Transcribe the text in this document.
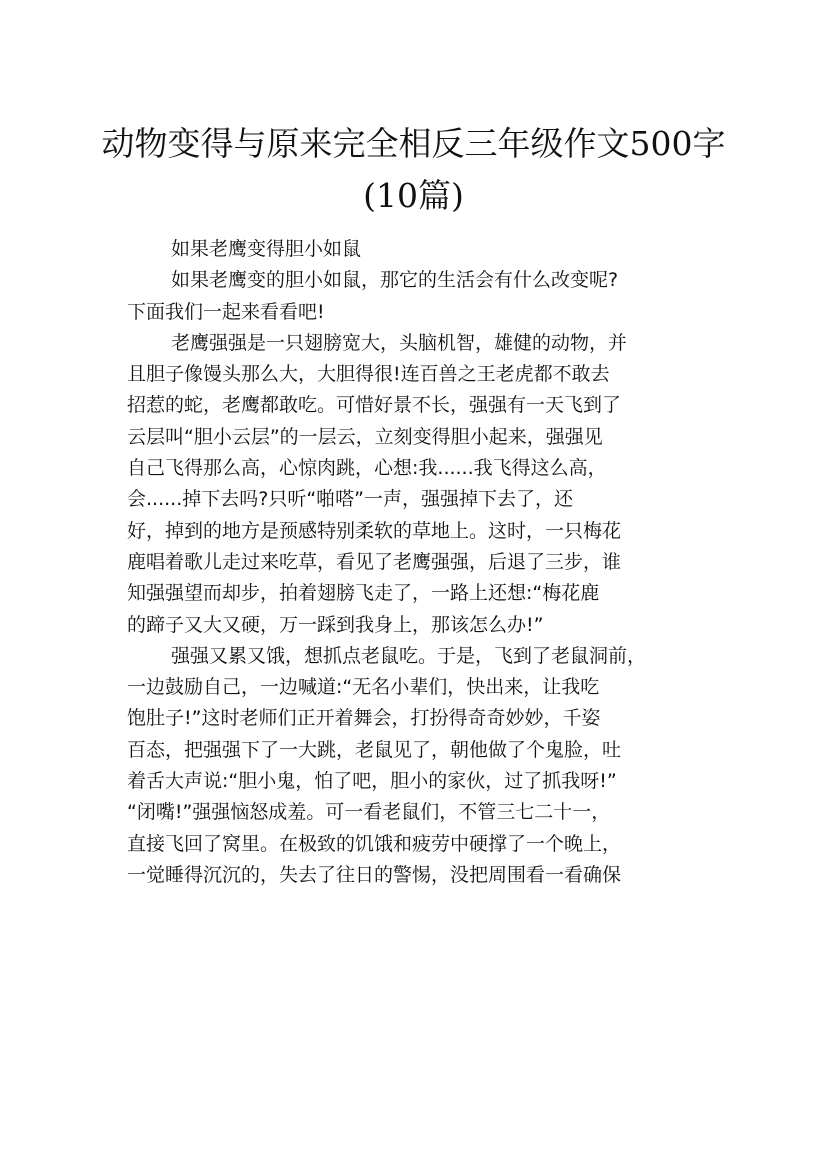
动物变得与原来完全相反三年级作文500字
(10篇)
如果老鹰变得胆小如鼠
如果老鹰变的胆小如鼠，那它的生活会有什么改变呢?
下面我们一起来看看吧!
老鹰强强是一只翅膀宽大，头脑机智，雄健的动物，并
且胆子像馒头那么大，大胆得很!连百兽之王老虎都不敢去
招惹的蛇，老鹰都敢吃。可惜好景不长，强强有一天飞到了
云层叫“胆小云层”的一层云，立刻变得胆小起来，强强见
自己飞得那么高，心惊肉跳，心想:我......我飞得这么高，
会......掉下去吗?只听“啪嗒”一声，强强掉下去了，还
好，掉到的地方是预感特别柔软的草地上。这时，一只梅花
鹿唱着歌儿走过来吃草，看见了老鹰强强，后退了三步，谁
知强强望而却步，拍着翅膀飞走了，一路上还想:“梅花鹿
的蹄子又大又硬，万一踩到我身上，那该怎么办!”
强强又累又饿，想抓点老鼠吃。于是，飞到了老鼠洞前，
一边鼓励自己，一边喊道:“无名小辈们，快出来，让我吃
饱肚子!”这时老师们正开着舞会，打扮得奇奇妙妙，千姿
百态，把强强下了一大跳，老鼠见了，朝他做了个鬼脸，吐
着舌大声说:“胆小鬼，怕了吧，胆小的家伙，过了抓我呀!”
“闭嘴!”强强恼怒成羞。可一看老鼠们，不管三七二十一，
直接飞回了窝里。在极致的饥饿和疲劳中硬撑了一个晚上，
一觉睡得沉沉的，失去了往日的警惕，没把周围看一看确保
